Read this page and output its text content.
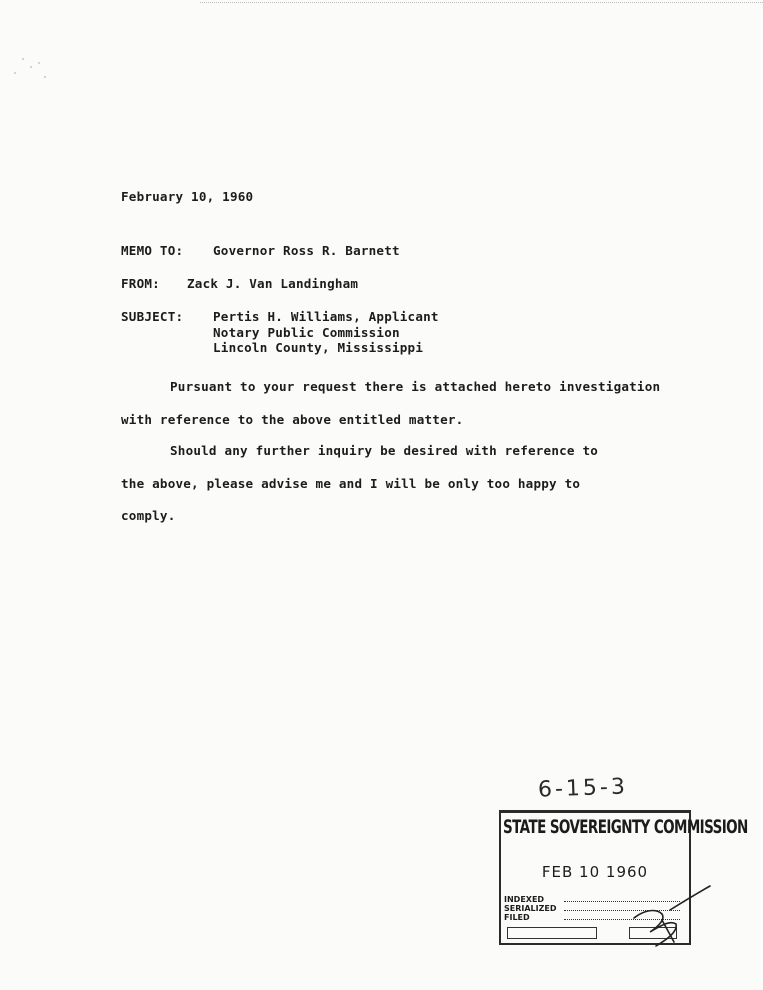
February 10, 1960
MEMO TO: Governor Ross R. Barnett
FROM: Zack J. Van Landingham
SUBJECT: Pertis H. Williams, Applicant
Notary Public Commission
Lincoln County, Mississippi
Pursuant to your request there is attached hereto investigation
with reference to the above entitled matter.
Should any further inquiry be desired with reference to
the above, please advise me and I will be only too happy to
comply.
6-15-3
STATE SOVEREIGNTY COMMISSION
FEB 10 1960
INDEXED
SERIALIZED
FILED
